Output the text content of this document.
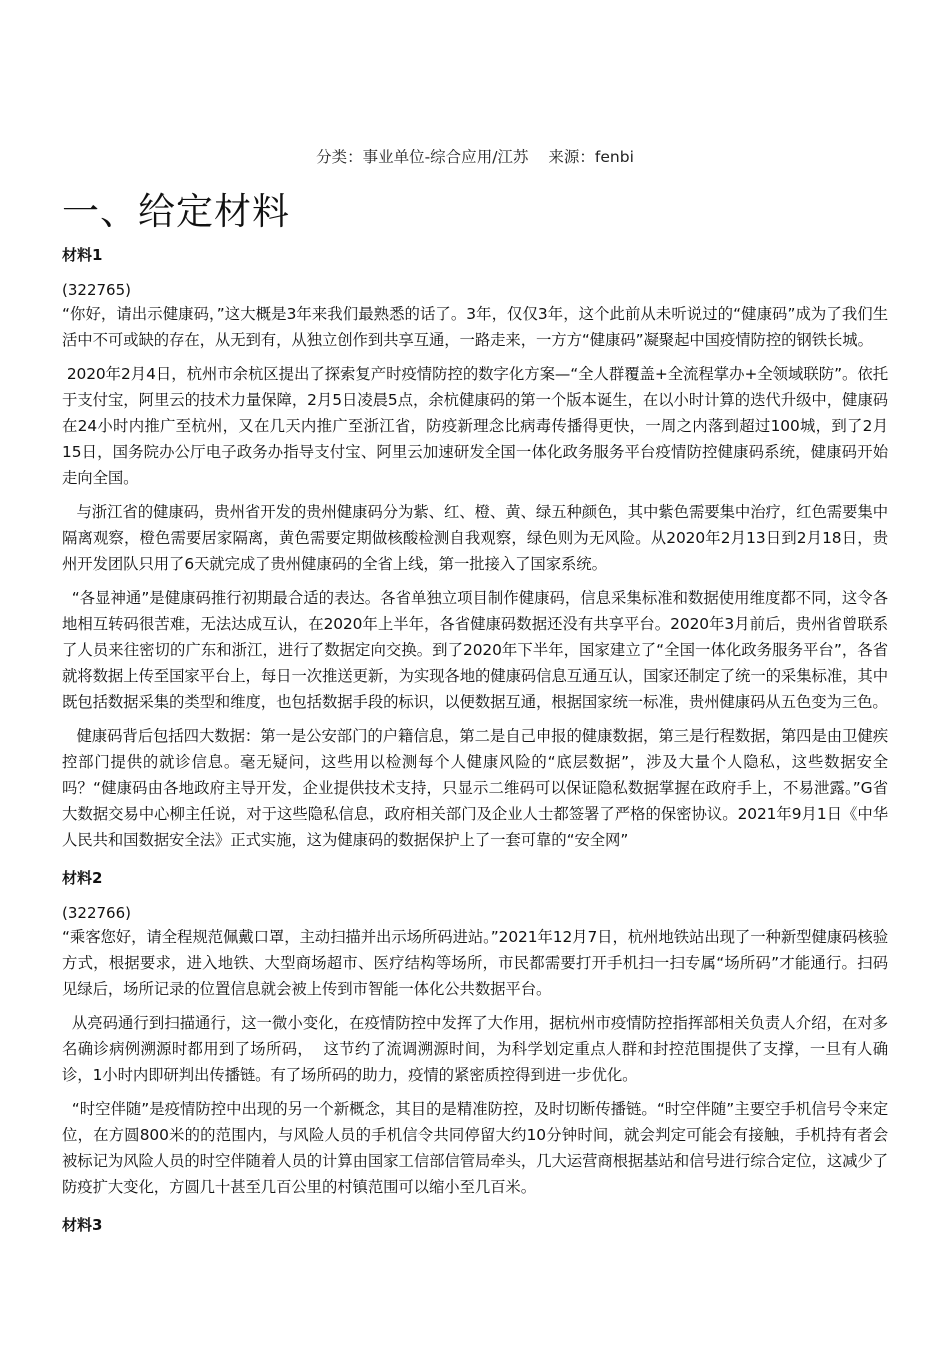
分类：事业单位-综合应用/江苏 来源：fenbi
一、给定材料

材料1

(322765)

“你好，请出示健康码，”这大概是3年来我们最熟悉的话了。3年，仅仅3年，这个此前从未听说过的“健康码”成为了我们生活中不可或缺的存在，从无到有，从独立创作到共享互通，一路走来，一方方“健康码”凝聚起中国疫情防控的钢铁长城。

2020年2月4日，杭州市余杭区提出了探索复产时疫情防控的数字化方案—“全人群覆盖+全流程掌办+全领域联防”。依托于支付宝，阿里云的技术力量保障，2月5日凌晨5点，余杭健康码的第一个版本诞生，在以小时计算的迭代升级中，健康码在24小时内推广至杭州，又在几天内推广至浙江省，防疫新理念比病毒传播得更快，一周之内落到超过100城，到了2月15日，国务院办公厅电子政务办指导支付宝、阿里云加速研发全国一体化政务服务平台疫情防控健康码系统，健康码开始走向全国。

与浙江省的健康码，贵州省开发的贵州健康码分为紫、红、橙、黄、绿五种颜色，其中紫色需要集中治疗，红色需要集中隔离观察，橙色需要居家隔离，黄色需要定期做核酸检测自我观察，绿色则为无风险。从2020年2月13日到2月18日，贵州开发团队只用了6天就完成了贵州健康码的全省上线，第一批接入了国家系统。

“各显神通”是健康码推行初期最合适的表达。各省单独立项目制作健康码，信息采集标准和数据使用维度都不同，这令各地相互转码很苦难，无法达成互认，在2020年上半年，各省健康码数据还没有共享平台。2020年3月前后，贵州省曾联系了人员来往密切的广东和浙江，进行了数据定向交换。到了2020年下半年，国家建立了“全国一体化政务服务平台”，各省就将数据上传至国家平台上，每日一次推送更新，为实现各地的健康码信息互通互认，国家还制定了统一的采集标准，其中既包括数据采集的类型和维度，也包括数据手段的标识，以便数据互通，根据国家统一标准，贵州健康码从五色变为三色。

健康码背后包括四大数据：第一是公安部门的户籍信息，第二是自己申报的健康数据，第三是行程数据，第四是由卫健疾控部门提供的就诊信息。毫无疑问，这些用以检测每个人健康风险的“底层数据”，涉及大量个人隐私，这些数据安全吗？“健康码由各地政府主导开发，企业提供技术支持，只显示二维码可以保证隐私数据掌握在政府手上，不易泄露。”G省大数据交易中心柳主任说，对于这些隐私信息，政府相关部门及企业人士都签署了严格的保密协议。2021年9月1日《中华人民共和国数据安全法》正式实施，这为健康码的数据保护上了一套可靠的“安全网”

材料2

(322766)

“乘客您好，请全程规范佩戴口罩，主动扫描并出示场所码进站。”2021年12月7日，杭州地铁站出现了一种新型健康码核验方式，根据要求，进入地铁、大型商场超市、医疗结构等场所，市民都需要打开手机扫一扫专属“场所码”才能通行。扫码见绿后，场所记录的位置信息就会被上传到市智能一体化公共数据平台。

从亮码通行到扫描通行，这一微小变化，在疫情防控中发挥了大作用，据杭州市疫情防控指挥部相关负责人介绍，在对多名确诊病例溯源时都用到了场所码，  这节约了流调溯源时间，为科学划定重点人群和封控范围提供了支撑，一旦有人确诊，1小时内即研判出传播链。有了场所码的助力，疫情的紧密质控得到进一步优化。

“时空伴随”是疫情防控中出现的另一个新概念，其目的是精准防控，及时切断传播链。“时空伴随”主要空手机信号令来定位，在方圆800米的的范围内，与风险人员的手机信令共同停留大约10分钟时间，就会判定可能会有接触，手机持有者会被标记为风险人员的时空伴随着人员的计算由国家工信部信管局牵头，几大运营商根据基站和信号进行综合定位，这减少了防疫扩大变化，方圆几十甚至几百公里的村镇范围可以缩小至几百米。

材料3
